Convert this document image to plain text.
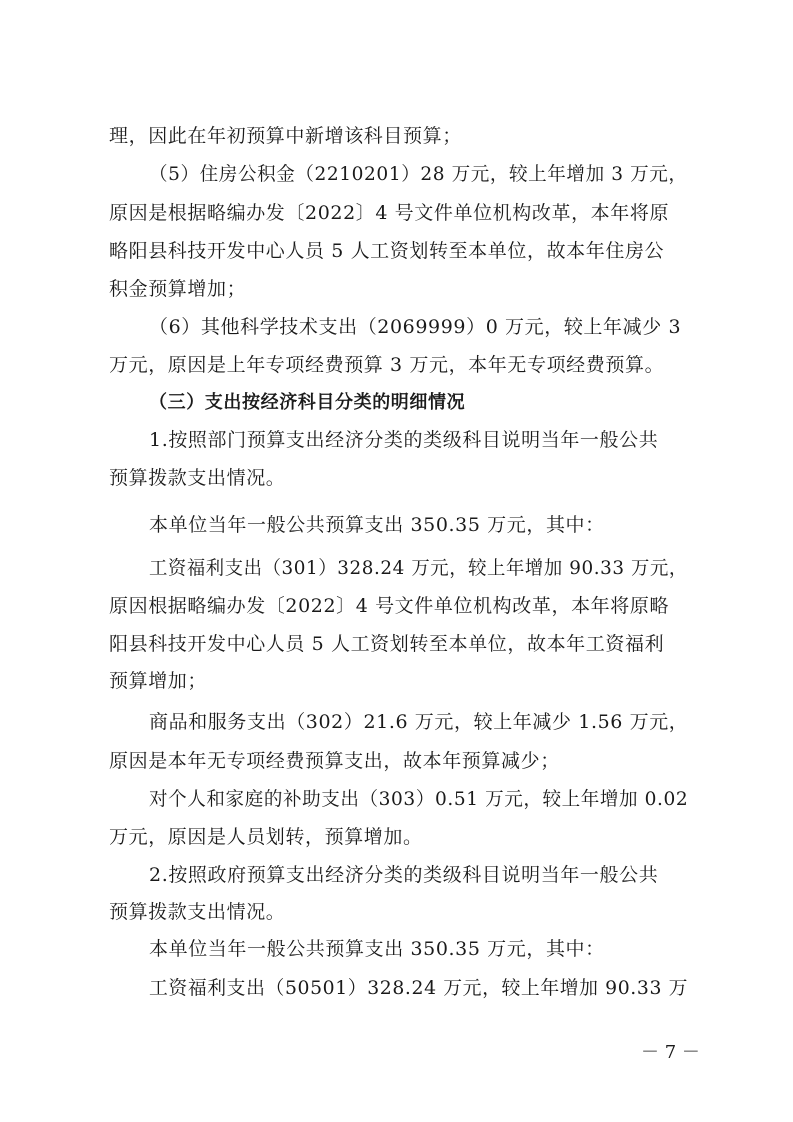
理，因此在年初预算中新增该科目预算；
（5）住房公积金（2210201）28 万元，较上年增加 3 万元，
原因是根据略编办发〔2022〕4 号文件单位机构改革，本年将原
略阳县科技开发中心人员 5 人工资划转至本单位，故本年住房公
积金预算增加；
（6）其他科学技术支出（2069999）0 万元，较上年减少 3
万元，原因是上年专项经费预算 3 万元，本年无专项经费预算。
（三）支出按经济科目分类的明细情况
1.按照部门预算支出经济分类的类级科目说明当年一般公共
预算拨款支出情况。
本单位当年一般公共预算支出 350.35 万元，其中：
工资福利支出（301）328.24 万元，较上年增加 90.33 万元，
原因根据略编办发〔2022〕4 号文件单位机构改革，本年将原略
阳县科技开发中心人员 5 人工资划转至本单位，故本年工资福利
预算增加；
商品和服务支出（302）21.6 万元，较上年减少 1.56 万元，
原因是本年无专项经费预算支出，故本年预算减少；
对个人和家庭的补助支出（303）0.51 万元，较上年增加 0.02
万元，原因是人员划转，预算增加。
2.按照政府预算支出经济分类的类级科目说明当年一般公共
预算拨款支出情况。
本单位当年一般公共预算支出 350.35 万元，其中：
工资福利支出（50501）328.24 万元，较上年增加 90.33 万
－ 7 －
